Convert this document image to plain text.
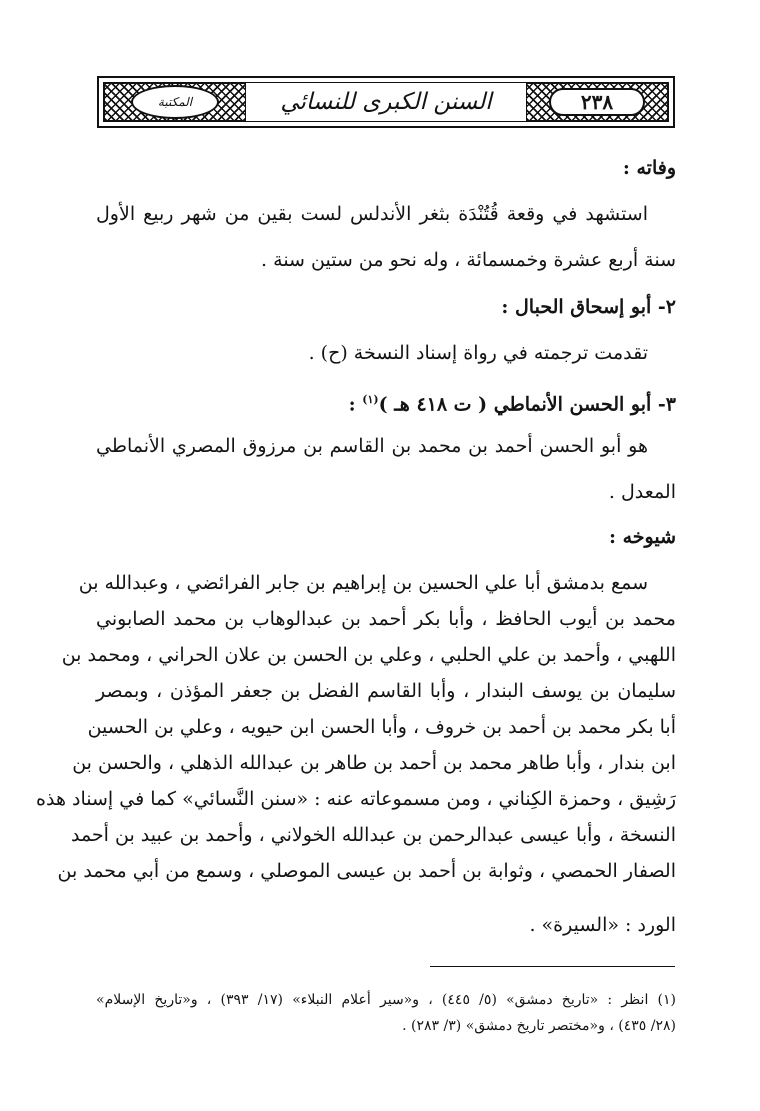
المكتبة	السنن الكبرى للنسائي	٢٣٨
وفاته :
استشهد في وقعة قُتُنْدَة بثغر الأندلس لست بقين من شهر ربيع الأول
سنة أربع عشرة وخمسمائة ، وله نحو من ستين سنة .
٢- أبو إسحاق الحبال :
تقدمت ترجمته في رواة إسناد النسخة (ح) .
٣- أبو الحسن الأنماطي ( ت ٤١٨ هـ )$^{(١)}$ :
هو أبو الحسن أحمد بن محمد بن القاسم بن مرزوق المصري الأنماطي
المعدل .
شيوخه :
سمع بدمشق أبا علي الحسين بن إبراهيم بن جابر الفرائضي ، وعبدالله بن
محمد بن أيوب الحافظ ، وأبا بكر أحمد بن عبدالوهاب بن محمد الصابوني
اللهبي ، وأحمد بن علي الحلبي ، وعلي بن الحسن بن علان الحراني ، ومحمد بن
سليمان بن يوسف البندار ، وأبا القاسم الفضل بن جعفر المؤذن ، وبمصر
أبا بكر محمد بن أحمد بن خروف ، وأبا الحسن ابن حيويه ، وعلي بن الحسين
ابن بندار ، وأبا طاهر محمد بن أحمد بن طاهر بن عبدالله الذهلي ، والحسن بن
رَشِيق ، وحمزة الكِناني ، ومن مسموعاته عنه : «سنن النَّسائي» كما في إسناد هذه
النسخة ، وأبا عيسى عبدالرحمن بن عبدالله الخولاني ، وأحمد بن عبيد بن أحمد
الصفار الحمصي ، وثوابة بن أحمد بن عيسى الموصلي ، وسمع من أبي محمد بن
الورد : «السيرة» .
(١) انظر : «تاريخ دمشق» (٥/ ٤٤٥) ، و«سير أعلام النبلاء» (١٧/ ٣٩٣) ، و«تاريخ الإسلام»
(٢٨/ ٤٣٥) ، و«مختصر تاريخ دمشق» (٣/ ٢٨٣) .
